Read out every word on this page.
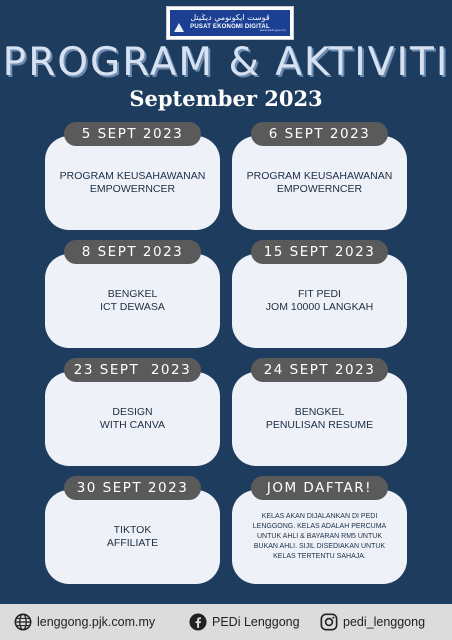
ڤوست ايکونومي ديݢيتل
PUSAT EKONOMI DIGITAL
www.pedi.gov.my
PROGRAM & AKTIVITI
September 2023
PROGRAM KEUSAHAWANAN
EMPOWERNCER
5 SEPT 2023
PROGRAM KEUSAHAWANAN
EMPOWERNCER
6 SEPT 2023
BENGKEL
ICT DEWASA
8 SEPT 2023
FIT PEDI
JOM 10000 LANGKAH
15 SEPT 2023
DESIGN
WITH CANVA
23 SEPT  2023
BENGKEL
PENULISAN RESUME
24 SEPT 2023
TIKTOK
AFFILIATE
30 SEPT 2023
KELAS AKAN DIJALANKAN DI PEDI
LENGGONG. KELAS ADALAH PERCUMA
UNTUK AHLI & BAYARAN RM5 UNTUK
BUKAN AHLI. SIJIL DISEDIAKAN UNTUK
KELAS TERTENTU SAHAJA.
JOM DAFTAR!
lenggong.pjk.com.my	PEDi Lenggong	pedi_lenggong
